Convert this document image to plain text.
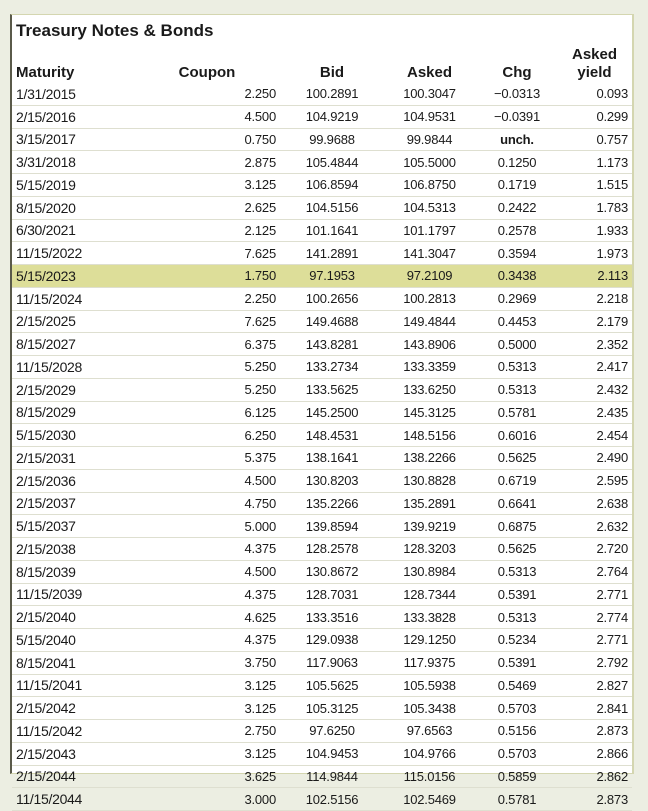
Treasury Notes & Bonds
Maturity	Coupon	Bid	Asked	Chg	Asked
yield
1/31/2015	2.250	100.2891	100.3047	−0.0313	0.093
2/15/2016	4.500	104.9219	104.9531	−0.0391	0.299
3/15/2017	0.750	99.9688	99.9844	unch.	0.757
3/31/2018	2.875	105.4844	105.5000	0.1250	1.173
5/15/2019	3.125	106.8594	106.8750	0.1719	1.515
8/15/2020	2.625	104.5156	104.5313	0.2422	1.783
6/30/2021	2.125	101.1641	101.1797	0.2578	1.933
11/15/2022	7.625	141.2891	141.3047	0.3594	1.973
5/15/2023	1.750	97.1953	97.2109	0.3438	2.113
11/15/2024	2.250	100.2656	100.2813	0.2969	2.218
2/15/2025	7.625	149.4688	149.4844	0.4453	2.179
8/15/2027	6.375	143.8281	143.8906	0.5000	2.352
11/15/2028	5.250	133.2734	133.3359	0.5313	2.417
2/15/2029	5.250	133.5625	133.6250	0.5313	2.432
8/15/2029	6.125	145.2500	145.3125	0.5781	2.435
5/15/2030	6.250	148.4531	148.5156	0.6016	2.454
2/15/2031	5.375	138.1641	138.2266	0.5625	2.490
2/15/2036	4.500	130.8203	130.8828	0.6719	2.595
2/15/2037	4.750	135.2266	135.2891	0.6641	2.638
5/15/2037	5.000	139.8594	139.9219	0.6875	2.632
2/15/2038	4.375	128.2578	128.3203	0.5625	2.720
8/15/2039	4.500	130.8672	130.8984	0.5313	2.764
11/15/2039	4.375	128.7031	128.7344	0.5391	2.771
2/15/2040	4.625	133.3516	133.3828	0.5313	2.774
5/15/2040	4.375	129.0938	129.1250	0.5234	2.771
8/15/2041	3.750	117.9063	117.9375	0.5391	2.792
11/15/2041	3.125	105.5625	105.5938	0.5469	2.827
2/15/2042	3.125	105.3125	105.3438	0.5703	2.841
11/15/2042	2.750	97.6250	97.6563	0.5156	2.873
2/15/2043	3.125	104.9453	104.9766	0.5703	2.866
2/15/2044	3.625	114.9844	115.0156	0.5859	2.862
11/15/2044	3.000	102.5156	102.5469	0.5781	2.873
